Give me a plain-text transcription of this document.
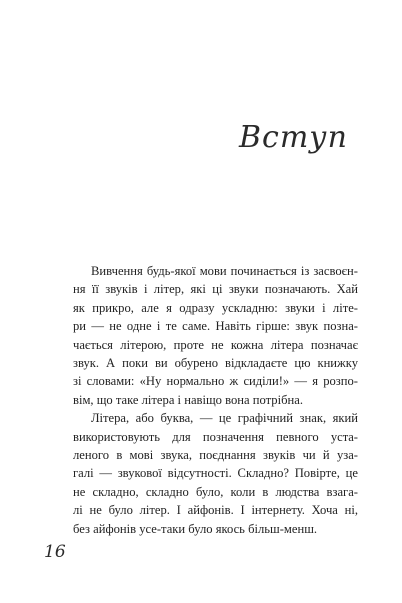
Вступ
Вивчення будь-якої мови починається із засвоєн-
ня її звуків і літер, які ці звуки позначають. Хай
як прикро, але я одразу ускладню: звуки і літе-
ри — не одне і те саме. Навіть гірше: звук позна-
чається літерою, проте не кожна літера позначає
звук. А поки ви обурено відкладаєте цю книжку
зі словами: «Ну нормально ж сиділи!» — я розпо-
вім, що таке літера і навіщо вона потрібна.
Літера, або буква, — це графічний знак, який
використовують для позначення певного устa-
леного в мові звука, поєднання звуків чи й узa-
галі — звукової відсутності. Складно? Повірте, це
не складно, складно було, коли в людства взагa-
лі не було літер. І айфонів. І інтернету. Хоча ні,
без айфонів усе-таки було якось більш-менш.
16
